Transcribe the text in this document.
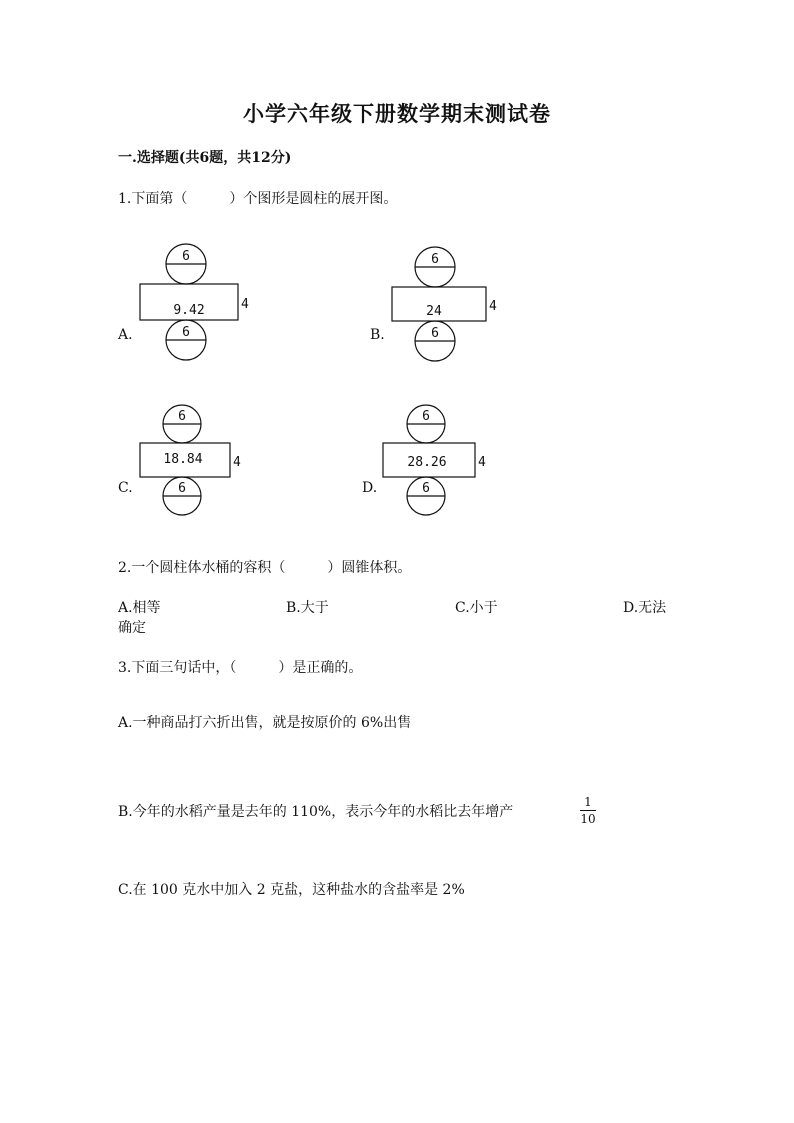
小学六年级下册数学期末测试卷
一.选择题(共6题，共12分)
1.下面第（　　　）个图形是圆柱的展开图。
A.
6
9.42	4
6	B.
6
24	4
6
C.
6
18.84 4
6	D.
6
28.26 4
6
2.一个圆柱体水桶的容积（　　　）圆锥体积。
A.相等	B.大于	C.小于	D.无法
确定
3.下面三句话中，（　　　）是正确的。
A.一种商品打六折出售，就是按原价的 6%出售
B.今年的水稻产量是去年的 110%，表示今年的水稻比去年增产
1
10
C.在 100 克水中加入 2 克盐，这种盐水的含盐率是 2%
